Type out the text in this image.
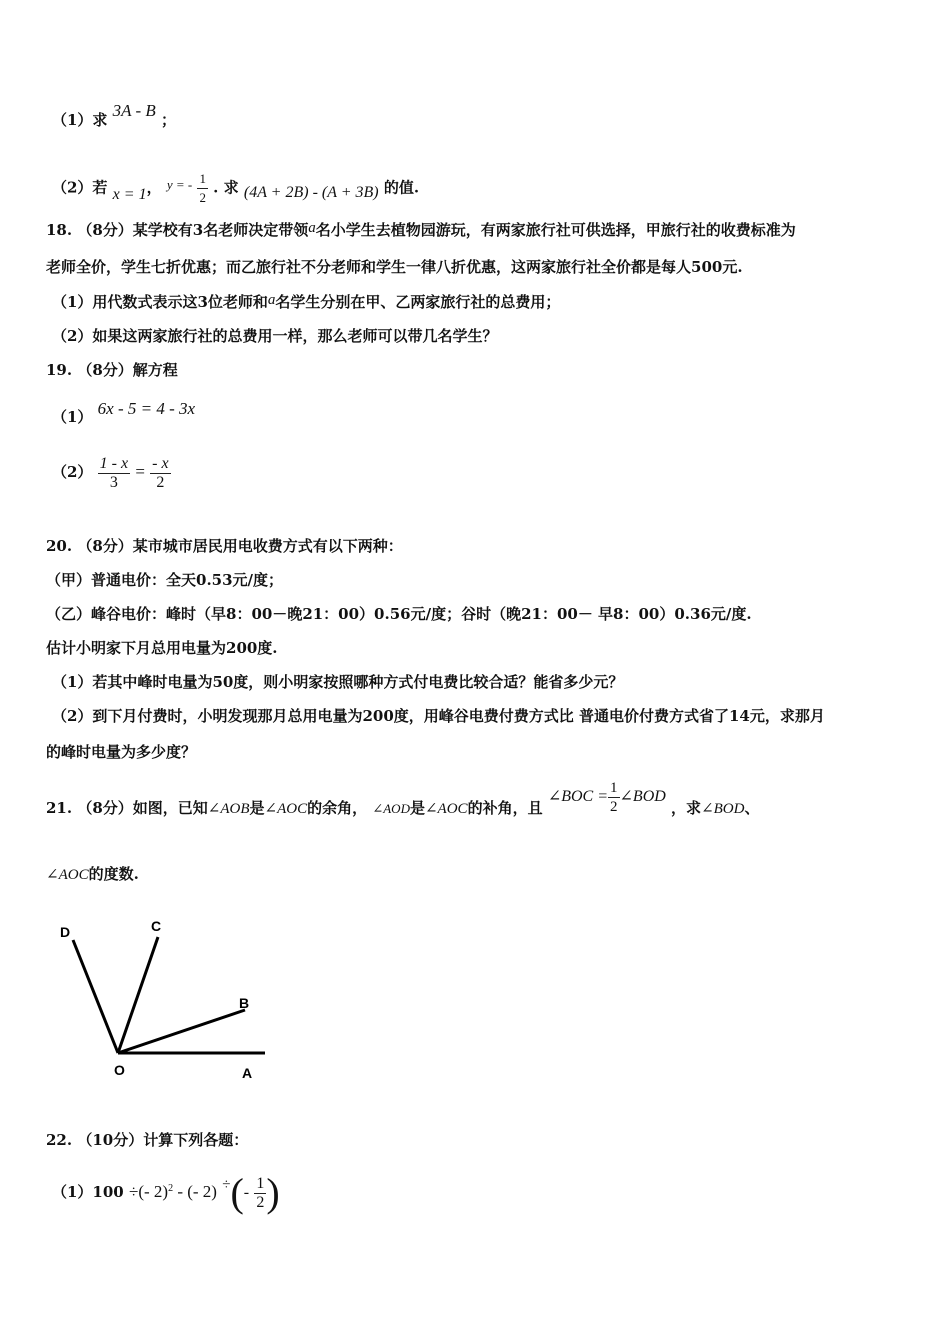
（1）求 3A - B ；
（2）若 x = 1， y = - $\frac{1}{2}$ . 求 (4A + 2B) - (A + 3B) 的值.
18. （8分）某学校有3名老师决定带领a名小学生去植物园游玩，有两家旅行社可供选择，甲旅行社的收费标准为
老师全价，学生七折优惠；而乙旅行社不分老师和学生一律八折优惠，这两家旅行社全价都是每人500元.
（1）用代数式表示这3位老师和a名学生分别在甲、乙两家旅行社的总费用；
（2）如果这两家旅行社的总费用一样，那么老师可以带几名学生？
19. （8分）解方程
（1） 6x - 5 = 4 - 3x
$(2) \frac{1 - x}{3} = \frac{- x}{2}$
20. （8分）某市城市居民用电收费方式有以下两种：
（甲）普通电价：全天0.53元/度；
（乙）峰谷电价：峰时（早8：00－晚21：00）0.56元/度；谷时（晚21：00－ 早8：00）0.36元/度.
估计小明家下月总用电量为200度.
（1）若其中峰时电量为50度，则小明家按照哪种方式付电费比较合适？能省多少元？
（2）到下月付费时，小明发现那月总用电量为200度，用峰谷电费付费方式比 普通电价付费方式省了14元，求那月
的峰时电量为多少度？
21. （8分）如图，已知∠AOB是∠AOC的余角， ∠AOD是∠AOC的补角，且 ∠BOC = $\frac{1}{2}$ ∠BOD ，求∠BOD、
∠AOC的度数.
D	C
B
O	A
22. （10分）计算下列各题：
（1）100 ÷(- 2)$^2$ - (- 2) ÷(- $\frac{1}{2}$ )
